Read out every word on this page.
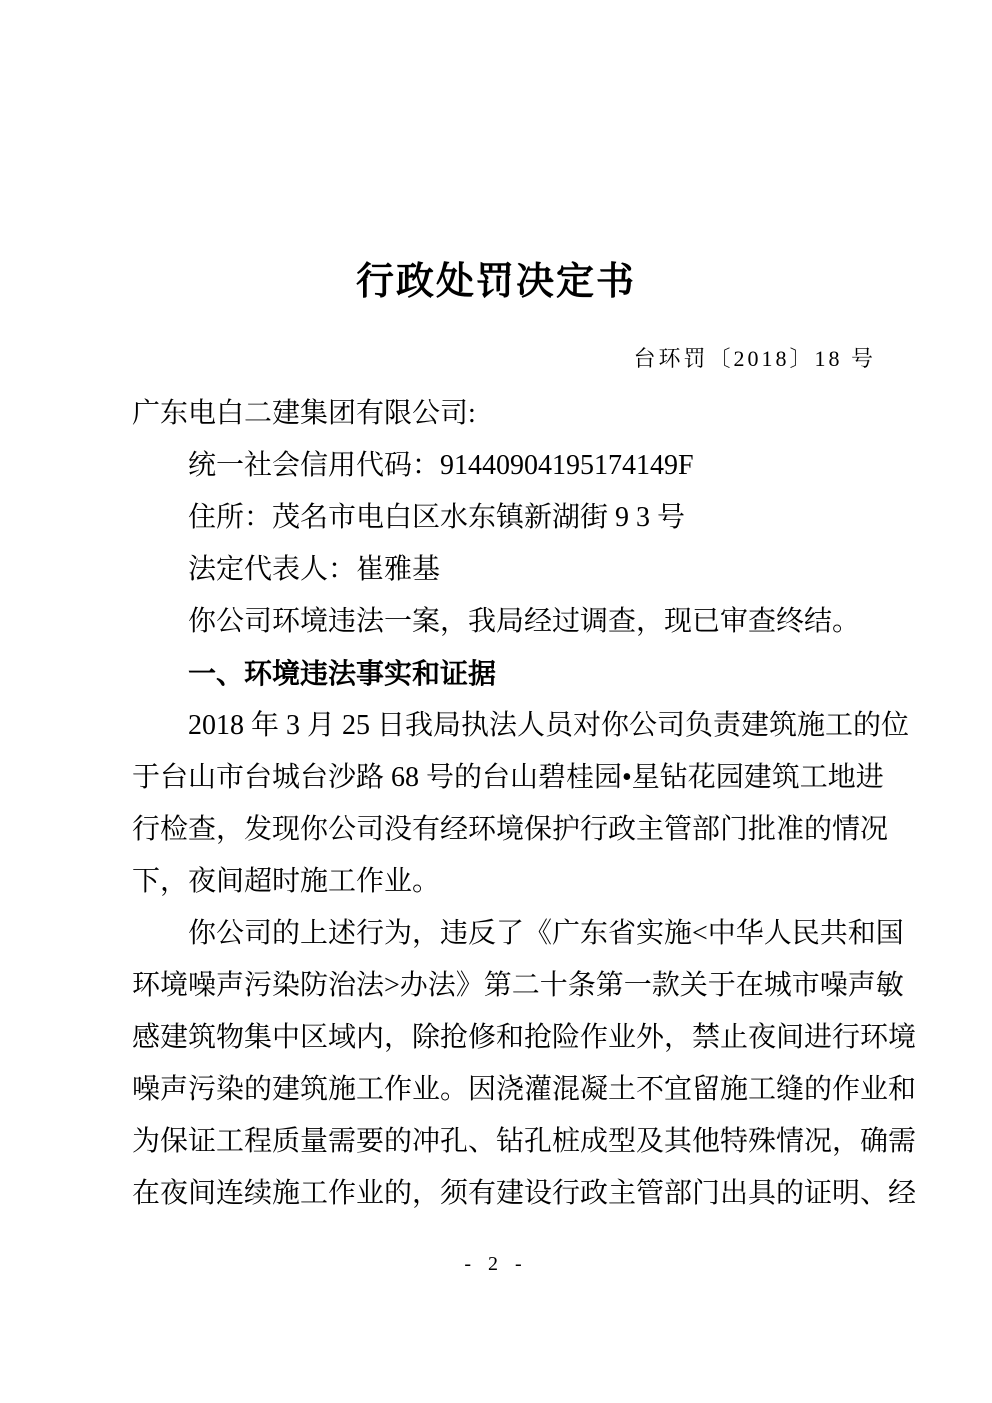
行政处罚决定书
台环罚〔2018〕18 号
广东电白二建集团有限公司:
统一社会信用代码：91440904195174149F
住所：茂名市电白区水东镇新湖街 9 3 号
法定代表人：崔雅基
你公司环境违法一案，我局经过调查，现已审查终结。
一、环境违法事实和证据
2018 年 3 月 25 日我局执法人员对你公司负责建筑施工的位
于台山市台城台沙路 68 号的台山碧桂园•星钻花园建筑工地进
行检查，发现你公司没有经环境保护行政主管部门批准的情况
下，夜间超时施工作业。
你公司的上述行为，违反了《广东省实施<中华人民共和国
环境噪声污染防治法>办法》第二十条第一款关于在城市噪声敏
感建筑物集中区域内，除抢修和抢险作业外，禁止夜间进行环境
噪声污染的建筑施工作业。因浇灌混凝土不宜留施工缝的作业和
为保证工程质量需要的冲孔、钻孔桩成型及其他特殊情况，确需
在夜间连续施工作业的，须有建设行政主管部门出具的证明、经
- 2 -
